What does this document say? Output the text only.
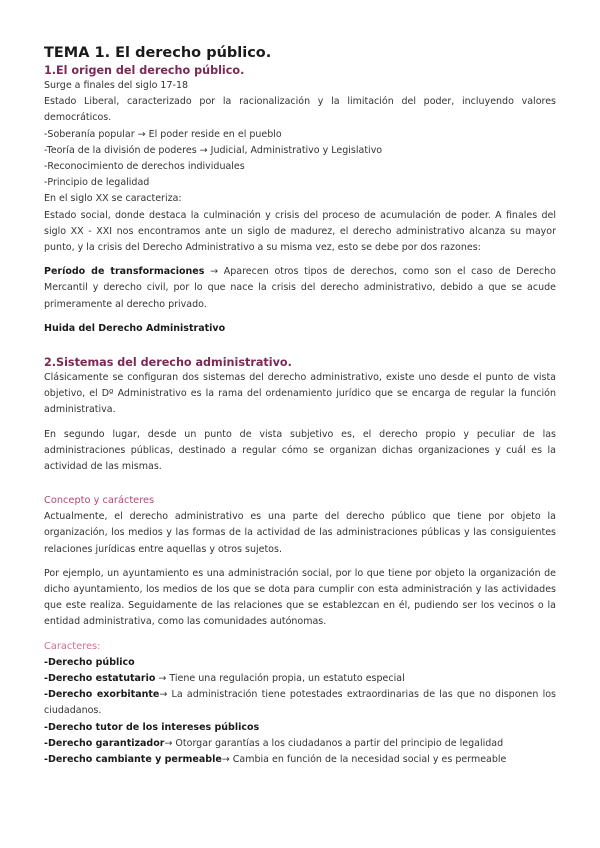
TEMA 1. El derecho público.
1.El origen del derecho público.
Surge a finales del siglo 17-18
Estado Liberal, caracterizado por la racionalización y la limitación del poder, incluyendo valores democráticos.
-Soberanía popular → El poder reside en el pueblo
-Teoría de la división de poderes → Judicial, Administrativo y Legislativo
-Reconocimiento de derechos individuales
-Principio de legalidad
En el siglo XX se caracteriza:
Estado social, donde destaca la culminación y crisis del proceso de acumulación de poder. A finales del siglo XX - XXI nos encontramos ante un siglo de madurez, el derecho administrativo alcanza su mayor punto, y la crisis del Derecho Administrativo a su misma vez, esto se debe por dos razones:
Período de transformaciones → Aparecen otros tipos de derechos, como son el caso de Derecho Mercantil y derecho civil, por lo que nace la crisis del derecho administrativo, debido a que se acude primeramente al derecho privado.
Huida del Derecho Administrativo
2.Sistemas del derecho administrativo.
Clásicamente se configuran dos sistemas del derecho administrativo, existe uno desde el punto de vista objetivo, el Dº Administrativo es la rama del ordenamiento jurídico que se encarga de regular la función administrativa.
En segundo lugar, desde un punto de vista subjetivo es, el derecho propio y peculiar de las administraciones públicas, destinado a regular cómo se organizan dichas organizaciones y cuál es la actividad de las mismas.
Concepto y carácteres
Actualmente, el derecho administrativo es una parte del derecho público que tiene por objeto la organización, los medios y las formas de la actividad de las administraciones públicas y las consiguientes relaciones jurídicas entre aquellas y otros sujetos.
Por ejemplo, un ayuntamiento es una administración social, por lo que tiene por objeto la organización de dicho ayuntamiento, los medios de los que se dota para cumplir con esta administración y las actividades que este realiza. Seguidamente de las relaciones que se establezcan en él, pudiendo ser los vecinos o la entidad administrativa, como las comunidades autónomas.
Caracteres:
-Derecho público
-Derecho estatutario → Tiene una regulación propia, un estatuto especial
-Derecho exorbitante→ La administración tiene potestades extraordinarias de las que no disponen los ciudadanos.
-Derecho tutor de los intereses públicos
-Derecho garantizador→ Otorgar garantías a los ciudadanos a partir del principio de legalidad
-Derecho cambiante y permeable→ Cambia en función de la necesidad social y es permeable
